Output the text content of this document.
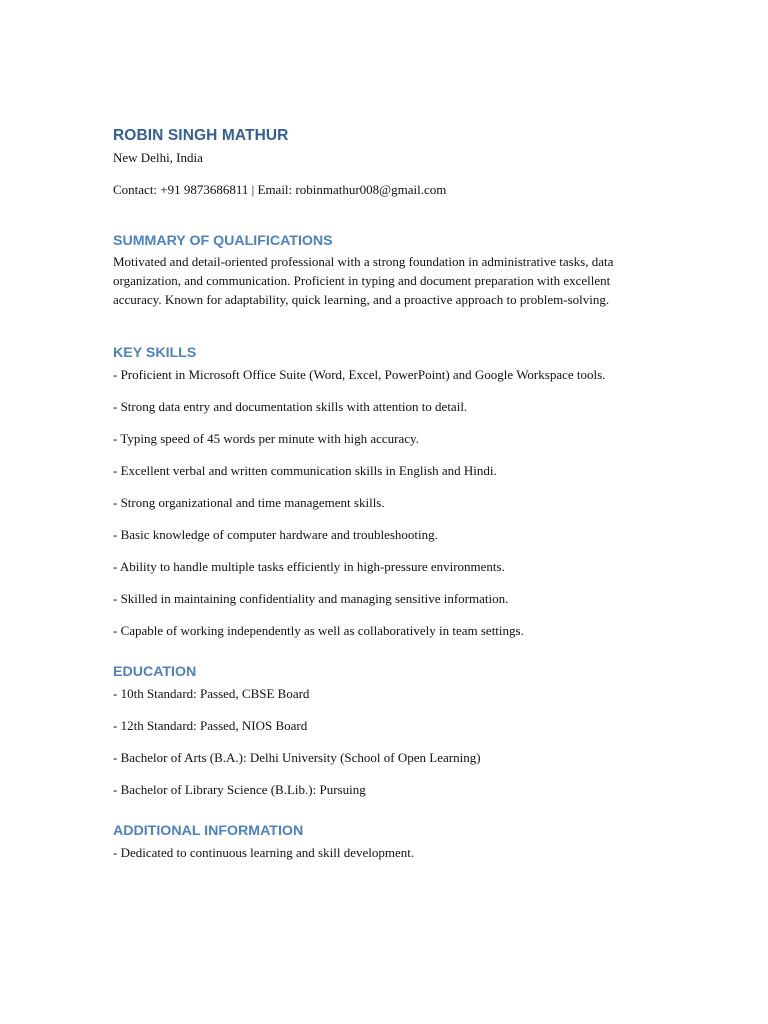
ROBIN SINGH MATHUR

New Delhi, India

Contact: +91 9873686811 | Email: robinmathur008@gmail.com

SUMMARY OF QUALIFICATIONS

Motivated and detail-oriented professional with a strong foundation in administrative tasks, data organization, and communication. Proficient in typing and document preparation with excellent accuracy. Known for adaptability, quick learning, and a proactive approach to problem-solving.

KEY SKILLS

- Proficient in Microsoft Office Suite (Word, Excel, PowerPoint) and Google Workspace tools.

- Strong data entry and documentation skills with attention to detail.

- Typing speed of 45 words per minute with high accuracy.

- Excellent verbal and written communication skills in English and Hindi.

- Strong organizational and time management skills.

- Basic knowledge of computer hardware and troubleshooting.

- Ability to handle multiple tasks efficiently in high-pressure environments.

- Skilled in maintaining confidentiality and managing sensitive information.

- Capable of working independently as well as collaboratively in team settings.

EDUCATION

- 10th Standard: Passed, CBSE Board

- 12th Standard: Passed, NIOS Board

- Bachelor of Arts (B.A.): Delhi University (School of Open Learning)

- Bachelor of Library Science (B.Lib.): Pursuing

ADDITIONAL INFORMATION

- Dedicated to continuous learning and skill development.
